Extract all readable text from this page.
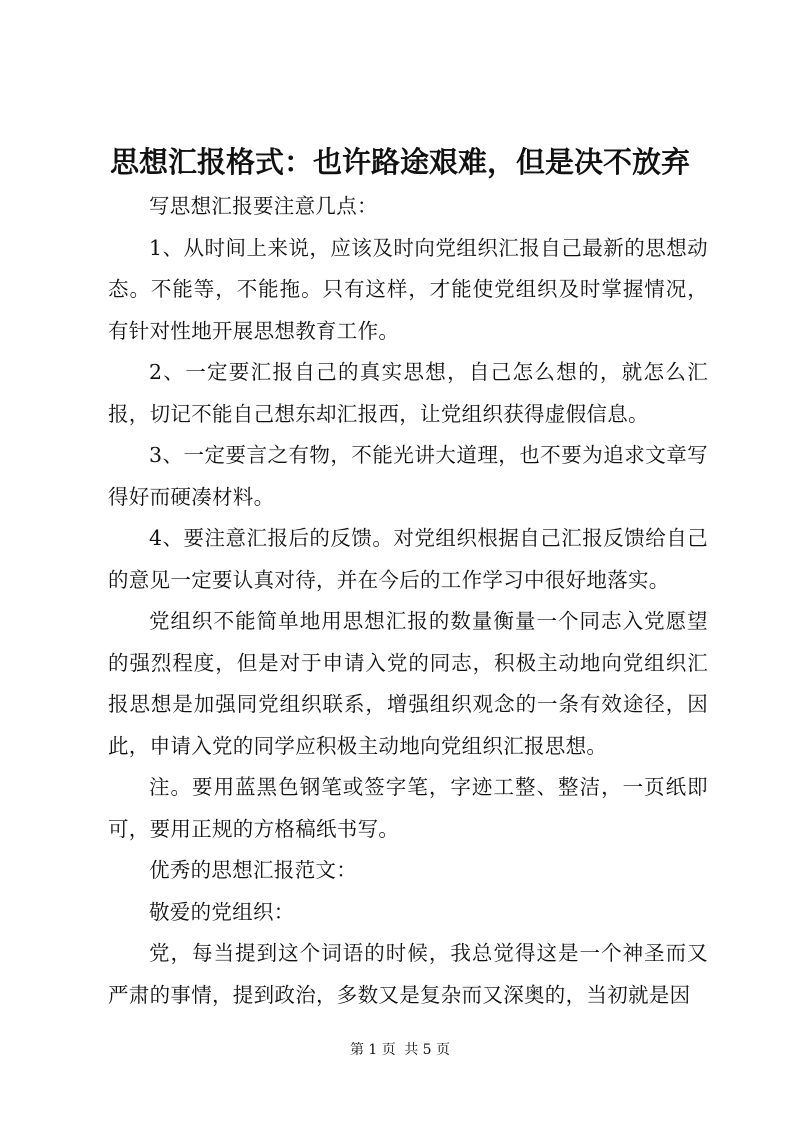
思想汇报格式：也许路途艰难，但是决不放弃

写思想汇报要注意几点：

1、从时间上来说，应该及时向党组织汇报自己最新的思想动态。不能等，不能拖。只有这样，才能使党组织及时掌握情况，有针对性地开展思想教育工作。

2、一定要汇报自己的真实思想，自己怎么想的，就怎么汇报，切记不能自己想东却汇报西，让党组织获得虚假信息。

3、一定要言之有物，不能光讲大道理，也不要为追求文章写得好而硬凑材料。

4、要注意汇报后的反馈。对党组织根据自己汇报反馈给自己的意见一定要认真对待，并在今后的工作学习中很好地落实。

党组织不能简单地用思想汇报的数量衡量一个同志入党愿望的强烈程度，但是对于申请入党的同志，积极主动地向党组织汇报思想是加强同党组织联系，增强组织观念的一条有效途径，因此，申请入党的同学应积极主动地向党组织汇报思想。

注。要用蓝黑色钢笔或签字笔，字迹工整、整洁，一页纸即可，要用正规的方格稿纸书写。

优秀的思想汇报范文：

敬爱的党组织：

党，每当提到这个词语的时候，我总觉得这是一个神圣而又严肃的事情，提到政治，多数又是复杂而又深奥的，当初就是因

第 1 页 共 5 页
